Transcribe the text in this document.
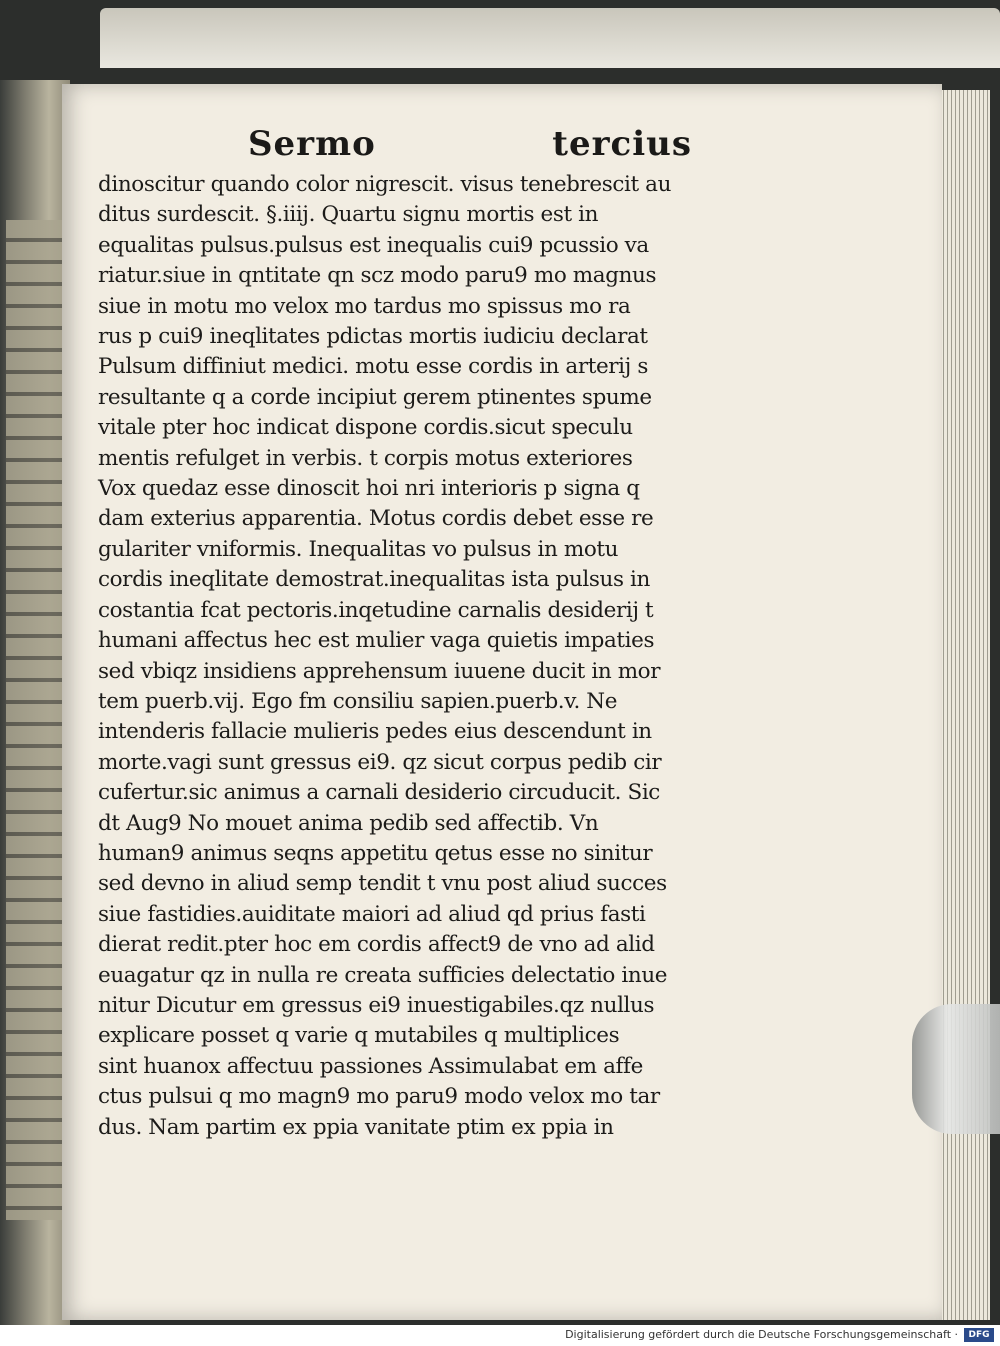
Sermo	tercius
dinoscitur quando color nigrescit. visus tenebrescit au
ditus surdescit. §.iiij. Quartu signu mortis est in
equalitas pulsus.pulsus est inequalis cui9 pcussio va
riatur.siue in qntitate qn scz modo paru9 mo magnus
siue in motu mo velox mo tardus mo spissus mo ra
rus p cui9 ineqlitates pdictas mortis iudiciu declarat
Pulsum diffiniut medici. motu esse cordis in arterij s
resultante q a corde incipiut gerem ptinentes spume
vitale pter hoc indicat dispone cordis.sicut speculu
mentis refulget in verbis. t corpis motus exteriores
Vox quedaz esse dinoscit hoi nri interioris p signa q
dam exterius apparentia. Motus cordis debet esse re
gulariter vniformis. Inequalitas vo pulsus in motu
cordis ineqlitate demostrat.inequalitas ista pulsus in
costantia fcat pectoris.inqetudine carnalis desiderij t
humani affectus hec est mulier vaga quietis impaties
sed vbiqz insidiens apprehensum iuuene ducit in mor
tem puerb.vij. Ego fm consiliu sapien.puerb.v. Ne
intenderis fallacie mulieris pedes eius descendunt in
morte.vagi sunt gressus ei9. qz sicut corpus pedib cir
cufertur.sic animus a carnali desiderio circuducit. Sic
dt Aug9 No mouet anima pedib sed affectib. Vn
human9 animus seqns appetitu qetus esse no sinitur
sed devno in aliud semp tendit t vnu post aliud succes
siue fastidies.auiditate maiori ad aliud qd prius fasti
dierat redit.pter hoc em cordis affect9 de vno ad alid
euagatur qz in nulla re creata sufficies delectatio inue
nitur Dicutur em gressus ei9 inuestigabiles.qz nullus
explicare posset q varie q mutabiles q multiplices
sint huanox affectuu passiones Assimulabat em affe
ctus pulsui q mo magn9 mo paru9 modo velox mo tar
dus. Nam partim ex ppia vanitate ptim ex ppia in
Digitalisierung gefördert durch die Deutsche Forschungsgemeinschaft ·	DFG
